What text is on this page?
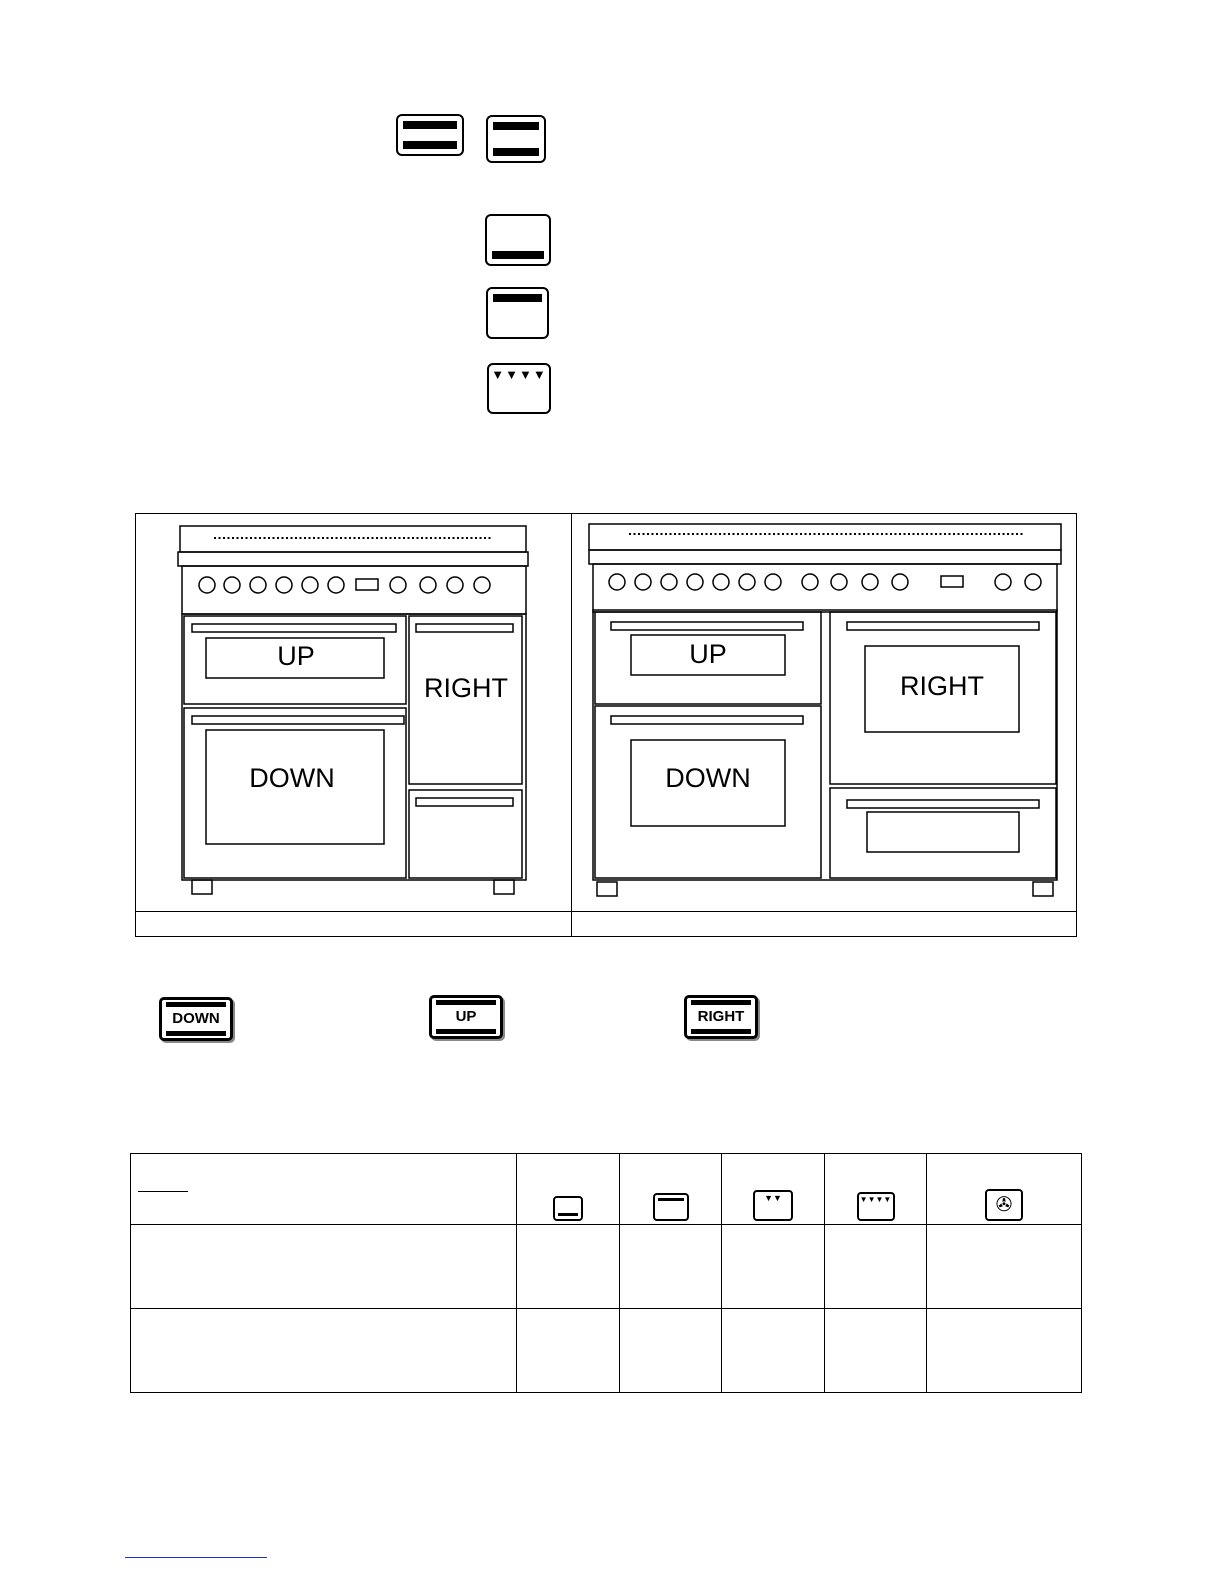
▼▼▼▼
UP
DOWN
RIGHT
UP
DOWN
RIGHT
DOWN	UP	RIGHT

			▼▼	▼▼▼▼	✇
